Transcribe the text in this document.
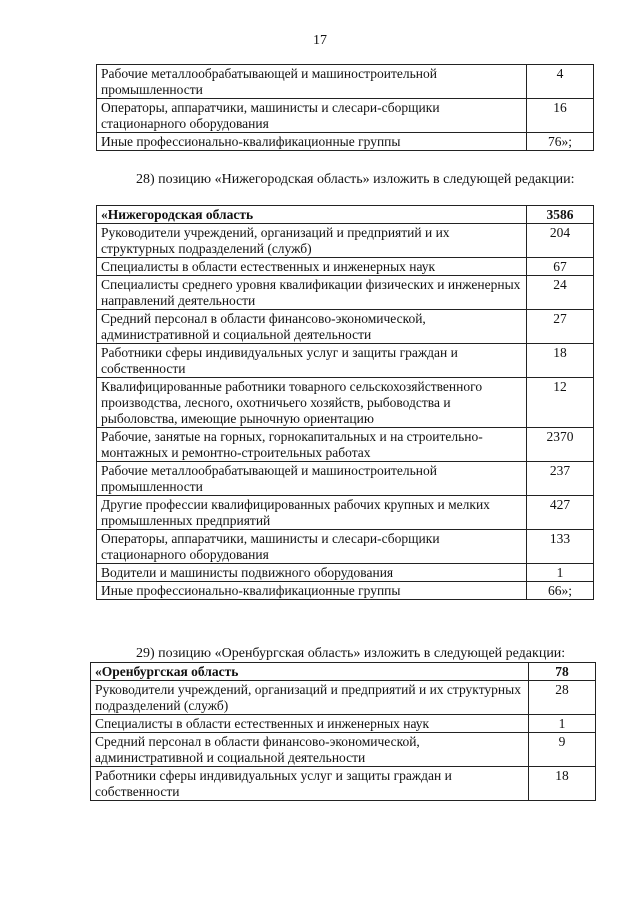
17
Рабочие металлообрабатывающей и машиностроительной промышленности	4
Операторы, аппаратчики, машинисты и слесари-сборщики стационарного оборудования	16
Иные профессионально-квалификационные группы	76»;
28) позицию «Нижегородская область» изложить в следующей редакции:
«Нижегородская область	3586
Руководители учреждений, организаций и предприятий и их структурных подразделений (служб)	204
Специалисты в области естественных и инженерных наук	67
Специалисты среднего уровня квалификации физических и инженерных направлений деятельности	24
Средний персонал в области финансово-экономической, административной и социальной деятельности	27
Работники сферы индивидуальных услуг и защиты граждан и собственности	18
Квалифицированные работники товарного сельскохозяйственного производства, лесного, охотничьего хозяйств, рыбоводства и рыболовства, имеющие рыночную ориентацию	12
Рабочие, занятые на горных, горнокапитальных и на строительно-монтажных и ремонтно-строительных работах	2370
Рабочие металлообрабатывающей и машиностроительной промышленности	237
Другие профессии квалифицированных рабочих крупных и мелких промышленных предприятий	427
Операторы, аппаратчики, машинисты и слесари-сборщики стационарного оборудования	133
Водители и машинисты подвижного оборудования	1
Иные профессионально-квалификационные группы	66»;
29) позицию «Оренбургская область» изложить в следующей редакции:
«Оренбургская область	78
Руководители учреждений, организаций и предприятий и их структурных подразделений (служб)	28
Специалисты в области естественных и инженерных наук	1
Средний персонал в области финансово-экономической, административной и социальной деятельности	9
Работники сферы индивидуальных услуг и защиты граждан и собственности	18
